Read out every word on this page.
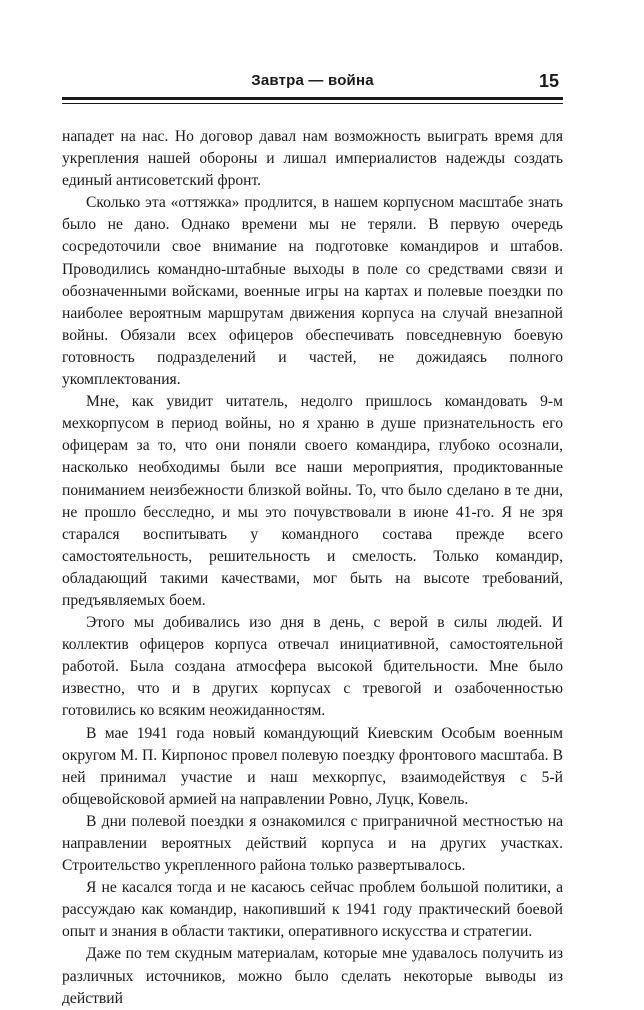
Завтра — война	15

нападет на нас. Но договор давал нам возможность выиграть время для укрепления нашей обороны и лишал империалистов надежды создать единый антисоветский фронт.

Сколько эта «оттяжка» продлится, в нашем корпусном масштабе знать было не дано. Однако времени мы не теряли. В первую очередь сосредоточили свое внимание на подготовке командиров и штабов. Проводились командно-штабные выходы в поле со средствами связи и обозначенными войсками, военные игры на картах и полевые поездки по наиболее вероятным маршрутам движения корпуса на случай внезапной войны. Обязали всех офицеров обеспечивать повседневную боевую готовность подразделений и частей, не дожидаясь полного укомплектования.

Мне, как увидит читатель, недолго пришлось командовать 9-м мехкорпусом в период войны, но я храню в душе признательность его офицерам за то, что они поняли своего командира, глубоко осознали, насколько необходимы были все наши мероприятия, продиктованные пониманием неизбежности близкой войны. То, что было сделано в те дни, не прошло бесследно, и мы это почувствовали в июне 41-го. Я не зря старался воспитывать у командного состава прежде всего самостоятельность, решительность и смелость. Только командир, обладающий такими качествами, мог быть на высоте требований, предъявляемых боем.

Этого мы добивались изо дня в день, с верой в силы людей. И коллектив офицеров корпуса отвечал инициативной, самостоятельной работой. Была создана атмосфера высокой бдительности. Мне было известно, что и в других корпусах с тревогой и озабоченностью готовились ко всяким неожиданностям.

В мае 1941 года новый командующий Киевским Особым военным округом М. П. Кирпонос провел полевую поездку фронтового масштаба. В ней принимал участие и наш мехкорпус, взаимодействуя с 5-й общевойсковой армией на направлении Ровно, Луцк, Ковель.

В дни полевой поездки я ознакомился с приграничной местностью на направлении вероятных действий корпуса и на других участках. Строительство укрепленного района только развертывалось.

Я не касался тогда и не касаюсь сейчас проблем большой политики, а рассуждаю как командир, накопивший к 1941 году практический боевой опыт и знания в области тактики, оперативного искусства и стратегии.

Даже по тем скудным материалам, которые мне удавалось получить из различных источников, можно было сделать некоторые выводы из действий
